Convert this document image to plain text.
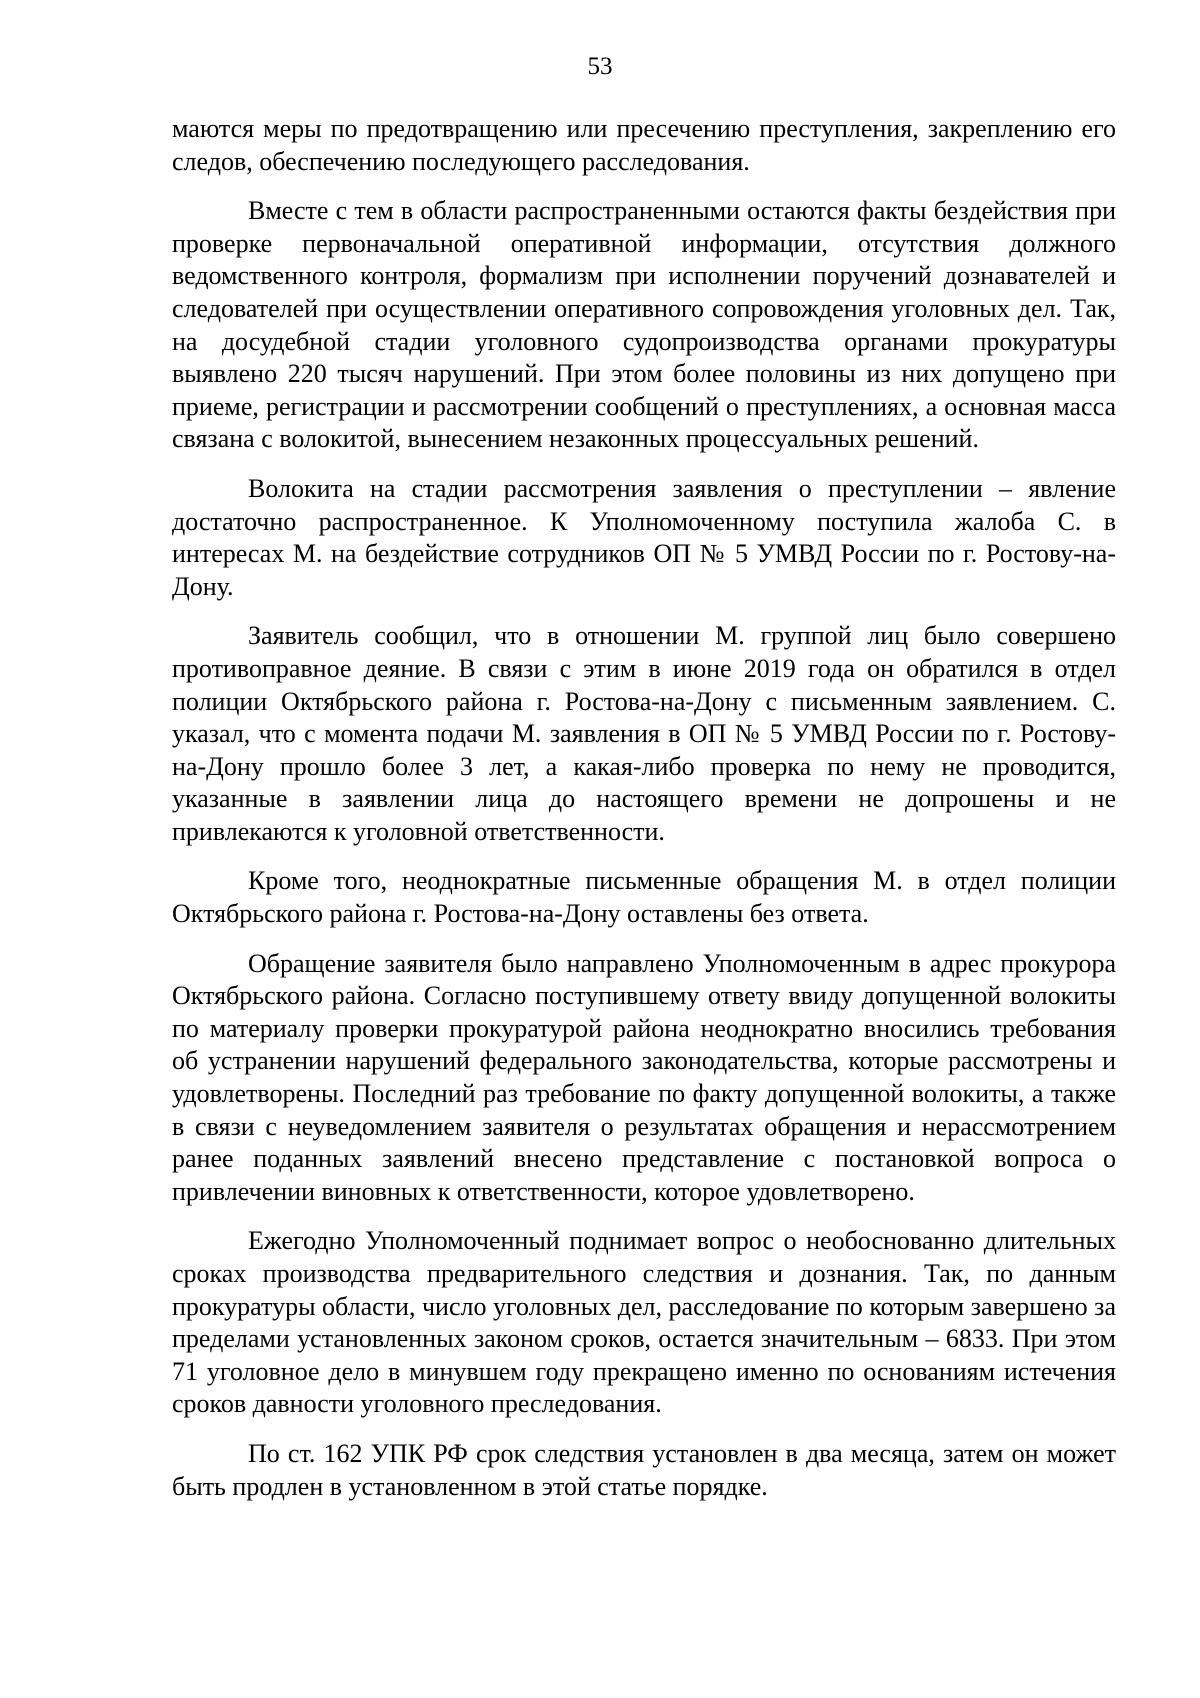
53

маются меры по предотвращению или пресечению преступления, закреплению его следов, обеспечению последующего расследования.

Вместе с тем в области распространенными остаются факты бездействия при проверке первоначальной оперативной информации, отсутствия должного ведомственного контроля, формализм при исполнении поручений дознавателей и следователей при осуществлении оперативного сопровождения уголовных дел. Так, на досудебной стадии уголовного судопроизводства органами прокуратуры выявлено 220 тысяч нарушений. При этом более половины из них допущено при приеме, регистрации и рассмотрении сообщений о преступлениях, а основная масса связана с волокитой, вынесением незаконных процессуальных решений.

Волокита на стадии рассмотрения заявления о преступлении – явление достаточно распространенное. К Уполномоченному поступила жалоба С. в интересах М. на бездействие сотрудников ОП № 5 УМВД России по г. Ростову-на-Дону.

Заявитель сообщил, что в отношении М. группой лиц было совершено противоправное деяние. В связи с этим в июне 2019 года он обратился в отдел полиции Октябрьского района г. Ростова-на-Дону с письменным заявлением. С. указал, что с момента подачи М. заявления в ОП № 5 УМВД России по г. Ростову-на-Дону прошло более 3 лет, а какая-либо проверка по нему не проводится, указанные в заявлении лица до настоящего времени не допрошены и не привлекаются к уголовной ответственности.

Кроме того, неоднократные письменные обращения М. в отдел полиции Октябрьского района г. Ростова-на-Дону оставлены без ответа.

Обращение заявителя было направлено Уполномоченным в адрес прокурора Октябрьского района. Согласно поступившему ответу ввиду допущенной волокиты по материалу проверки прокуратурой района неоднократно вносились требования об устранении нарушений федерального законодательства, которые рассмотрены и удовлетворены. Последний раз требование по факту допущенной волокиты, а также в связи с неуведомлением заявителя о результатах обращения и нерассмотрением ранее поданных заявлений внесено представление с постановкой вопроса о привлечении виновных к ответственности, которое удовлетворено.

Ежегодно Уполномоченный поднимает вопрос о необоснованно длительных сроках производства предварительного следствия и дознания. Так, по данным прокуратуры области, число уголовных дел, расследование по которым завершено за пределами установленных законом сроков, остается значительным – 6833. При этом 71 уголовное дело в минувшем году прекращено именно по основаниям истечения сроков давности уголовного преследования.

По ст. 162 УПК РФ срок следствия установлен в два месяца, затем он может быть продлен в установленном в этой статье порядке.
